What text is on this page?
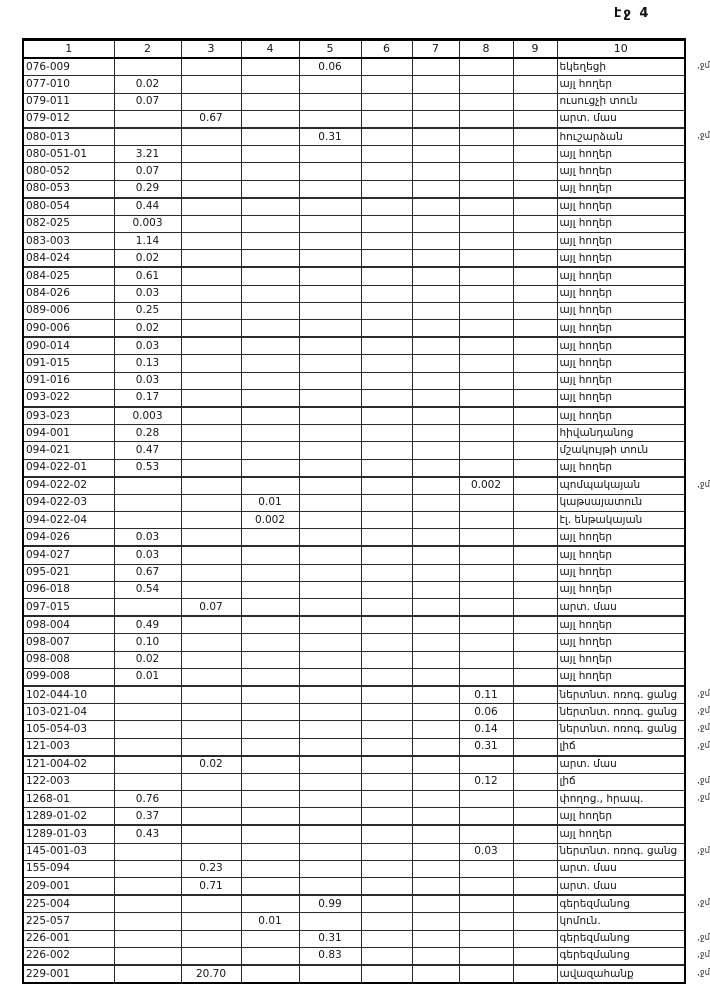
էջ 4
1	2	3	4	5	6	7	8	9	10
076-009				0.06					եկեղեցի ,ջմ

077-010	0.02								այլ հողեր
079-011	0.07								ուսուցչի տուն
079-012		0.67							արտ. մաս
080-013				0.31					հուշարձան ,ջմ

080-051-01	3.21								այլ հողեր
080-052	0.07								այլ հողեր
080-053	0.29								այլ հողեր
080-054	0.44								այլ հողեր
082-025	0.003								այլ հողեր
083-003	1.14								այլ հողեր
084-024	0.02								այլ հողեր
084-025	0.61								այլ հողեր
084-026	0.03								այլ հողեր
089-006	0.25								այլ հողեր
090-006	0.02								այլ հողեր
090-014	0.03								այլ հողեր
091-015	0.13								այլ հողեր
091-016	0.03								այլ հողեր
093-022	0.17								այլ հողեր
093-023	0.003								այլ հողեր
094-001	0.28								հիվանդանոց
094-021	0.47								մշակույթի տուն
094-022-01	0.53								այլ հողեր
094-022-02							0.002		պոմպակայան ,ջմ

094-022-03			0.01						կաթսայատուն
094-022-04			0.002						էլ. ենթակայան
094-026	0.03								այլ հողեր
094-027	0.03								այլ հողեր
095-021	0.67								այլ հողեր
096-018	0.54								այլ հողեր
097-015		0.07							արտ. մաս
098-004	0.49								այլ հողեր
098-007	0.10								այլ հողեր
098-008	0.02								այլ հողեր
099-008	0.01								այլ հողեր
102-044-10							0.11		ներտնտ. ոռոգ. ցանց ,ջմ

103-021-04							0.06		ներտնտ. ոռոգ. ցանց ,ջմ

105-054-03							0.14		ներտնտ. ոռոգ. ցանց ,ջմ

121-003							0.31		լիճ ,ջմ

121-004-02		0.02							արտ. մաս
122-003							0.12		լիճ ,ջմ

1268-01	0.76								փողոց., հրապ. ,ջմ

1289-01-02	0.37								այլ հողեր
1289-01-03	0.43								այլ հողեր
145-001-03							0.03		ներտնտ. ոռոգ. ցանց ,ջմ

155-094		0.23							արտ. մաս
209-001		0.71							արտ. մաս
225-004				0.99					գերեզմանոց ,ջմ

225-057			0.01						կոմուն.
226-001				0.31					գերեզմանոց ,ջմ

226-002				0.83					գերեզմանոց ,ջմ

229-001		20.70							ավազահանք ,ջմ
